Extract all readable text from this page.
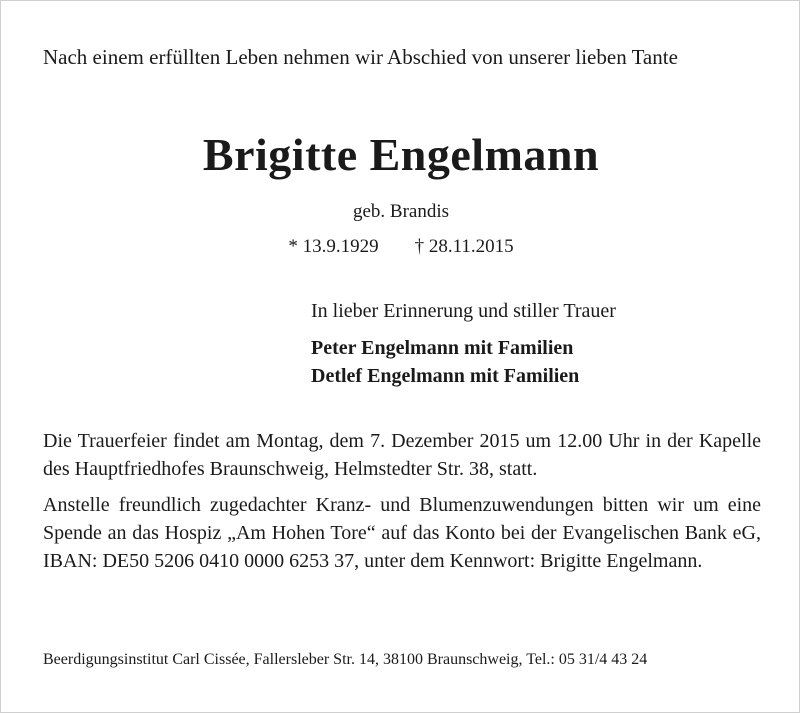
Nach einem erfüllten Leben nehmen wir Abschied von unserer lieben Tante
Brigitte Engelmann
geb. Brandis
* 13.9.1929 † 28.11.2015
In lieber Erinnerung und stiller Trauer
Peter Engelmann mit Familien
Detlef Engelmann mit Familien
Die Trauerfeier findet am Montag, dem 7. Dezember 2015 um 12.00 Uhr in der Kapelle des Hauptfriedhofes Braunschweig, Helmstedter Str. 38, statt.
Anstelle freundlich zugedachter Kranz- und Blumenzuwendungen bitten wir um eine Spende an das Hospiz „Am Hohen Tore“ auf das Konto bei der Evangelischen Bank eG, IBAN: DE50 5206 0410 0000 6253 37, unter dem Kennwort: Brigitte Engelmann.
Beerdigungsinstitut Carl Cissée, Fallersleber Str. 14, 38100 Braunschweig, Tel.: 05 31/4 43 24
